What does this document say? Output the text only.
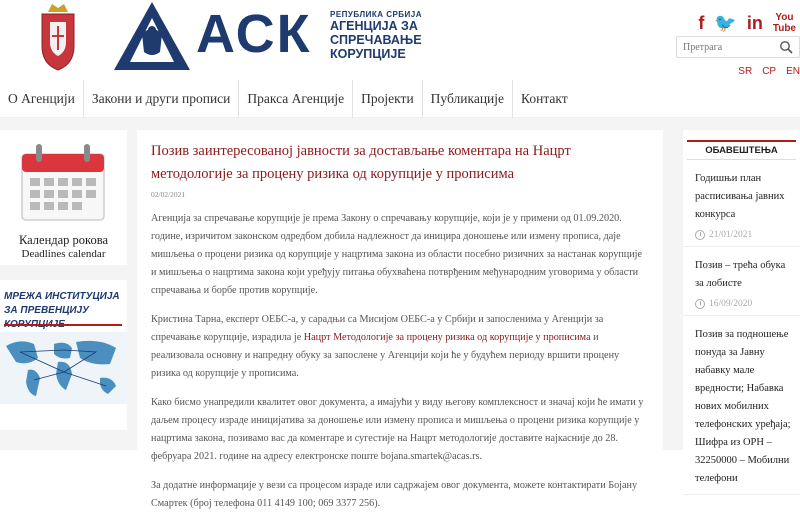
АСК РЕПУБЛИКА СРБИЈА
АГЕНЦИЈА ЗА
СПРЕЧАВАЊЕ
КОРУПЦИЈЕ
f 🐦 in You
Tube
Претрага
SR CP EN
О Агенцији	Закони и други прописи	Пракса Агенције	Пројекти	Публикације	Контакт
Календар рокова
Deadlines calendar
МРЕЖА ИНСТИТУЦИЈА ЗА ПРЕВЕНЦИЈУ
Позив заинтересованој јавности за достављање коментара на Нацрт методологије за процену ризика од корупције у прописима
02/02/2021

Агенција за спречавање корупције је према Закону о спречавању корупције, који је у примени од 01.09.2020. године, изричитом законском одредбом добила надлежност да иницира доношење или измену прописа, даје мишљења о процени ризика од корупције у нацртима закона из области посебно ризичних за настанак корупције и мишљења о нацртима закона који уређују питања обухваћена потврђеним међународним уговорима у области спречавања и борбе против корупције.

Кристина Тарна, експерт ОЕБС-а, у сарадњи са Мисијом ОЕБС-а у Србији и запосленима у Агенцији за спречавање корупције, израдила је Нацрт Методологије за процену ризика од корупције у прописима и реализовала основну и напредну обуку за запослене у Агенцији који ће у будућем периоду вршити процену ризика од корупције у прописима.

Како бисмо унапредили квалитет овог документа, а имајући у виду његову комплексност и значај који ће имати у даљем процесу израде иницијатива за доношење или измену прописа и мишљења о процени ризика корупције у нацртима закона, позивамо вас да коментаре и сугестије на Нацрт методологије доставите најкасније до 28. фебруара 2021. године на адресу електронске поште bojana.smartek@acas.rs.

За додатне информације у вези са процесом израде или садржајем овог документа, можете контактирати Бојану Смартек (број телефона 011 4149 100; 069 3377 256).

ОБАВЕШТЕЊА
Годишњи план расписивања јавних конкурса
21/01/2021
Позив – трећа обука за лобисте
16/09/2020
Позив за подношење понуда за Јавну набавку мале вредности; Набавка нових мобилних телефонских уређаја; Шифра из ОРН – 32250000 – Мобилни телефони
